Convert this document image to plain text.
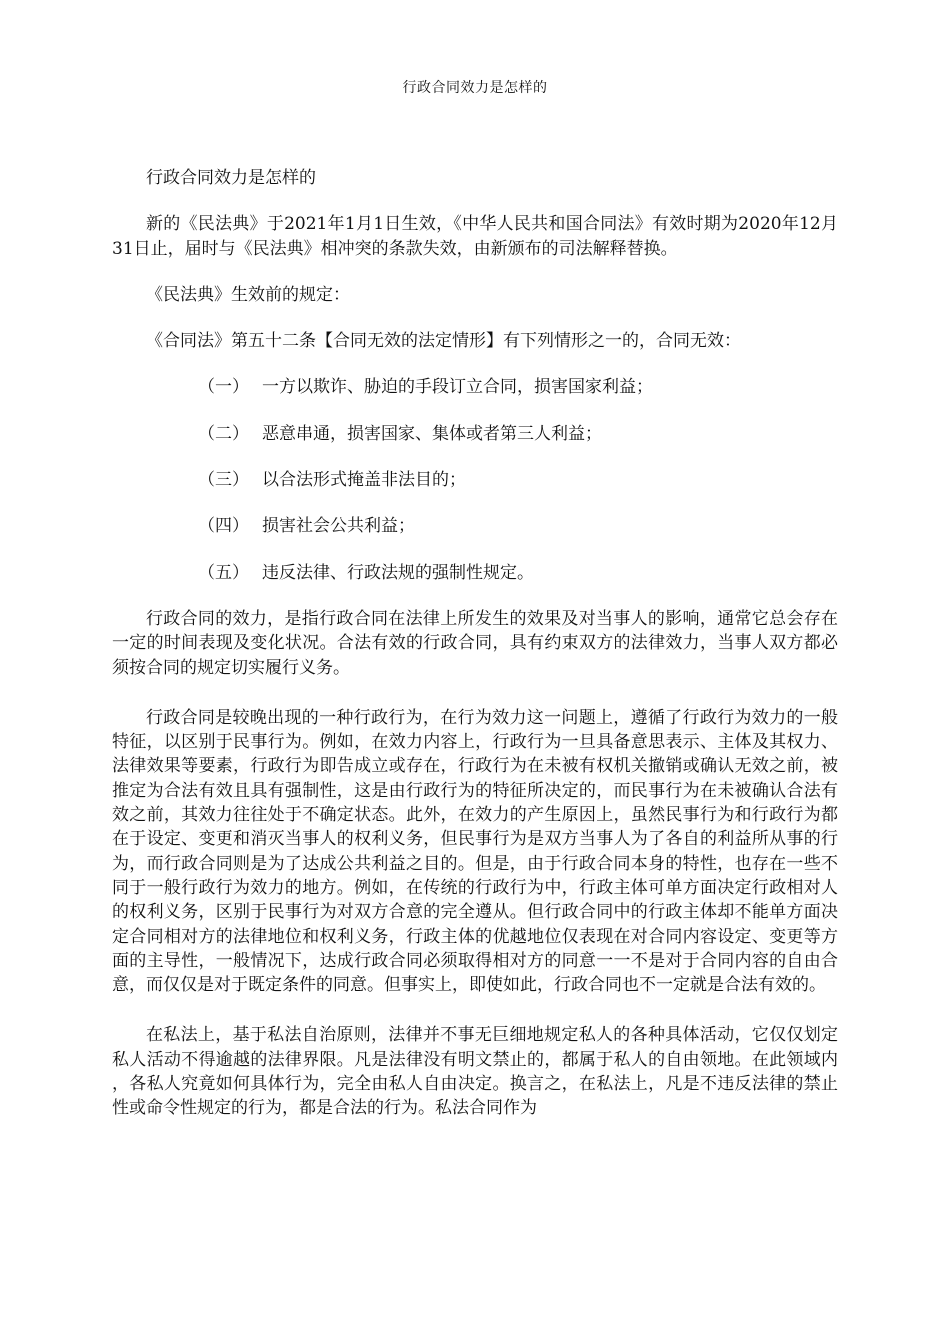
行政合同效力是怎样的

行政合同效力是怎样的

新的《民法典》于2021年1月1日生效，《中华人民共和国合同法》有效时期为2020年12月31日止，届时与《民法典》相冲突的条款失效，由新颁布的司法解释替换。

《民法典》生效前的规定：

《合同法》第五十二条【合同无效的法定情形】有下列情形之一的，合同无效：

（一） 一方以欺诈、胁迫的手段订立合同，损害国家利益；
（二） 恶意串通，损害国家、集体或者第三人利益；
（三） 以合法形式掩盖非法目的；
（四） 损害社会公共利益；
（五） 违反法律、行政法规的强制性规定。

行政合同的效力，是指行政合同在法律上所发生的效果及对当事人的影响，通常它总会存在一定的时间表现及变化状况。合法有效的行政合同，具有约束双方的法律效力，当事人双方都必须按合同的规定切实履行义务。

行政合同是较晚出现的一种行政行为，在行为效力这一问题上，遵循了行政行为效力的一般特征，以区别于民事行为。例如，在效力内容上，行政行为一旦具备意思表示、主体及其权力、法律效果等要素，行政行为即告成立或存在，行政行为在未被有权机关撤销或确认无效之前，被推定为合法有效且具有强制性，这是由行政行为的特征所决定的，而民事行为在未被确认合法有效之前，其效力往往处于不确定状态。此外，在效力的产生原因上，虽然民事行为和行政行为都在于设定、变更和消灭当事人的权利义务，但民事行为是双方当事人为了各自的利益所从事的行为，而行政合同则是为了达成公共利益之目的。但是，由于行政合同本身的特性，也存在一些不同于一般行政行为效力的地方。例如，在传统的行政行为中，行政主体可单方面决定行政相对人的权利义务，区别于民事行为对双方合意的完全遵从。但行政合同中的行政主体却不能单方面决定合同相对方的法律地位和权利义务，行政主体的优越地位仅表现在对合同内容设定、变更等方面的主导性，一般情况下，达成行政合同必须取得相对方的同意一一不是对于合同内容的自由合意，而仅仅是对于既定条件的同意。但事实上，即使如此，行政合同也不一定就是合法有效的。

在私法上，基于私法自治原则，法律并不事无巨细地规定私人的各种具体活动，它仅仅划定私人活动不得逾越的法律界限。凡是法律没有明文禁止的，都属于私人的自由领地。在此领域内，各私人究竟如何具体行为，完全由私人自由决定。换言之，在私法上，凡是不违反法律的禁止性或命令性规定的行为，都是合法的行为。私法合同作为
